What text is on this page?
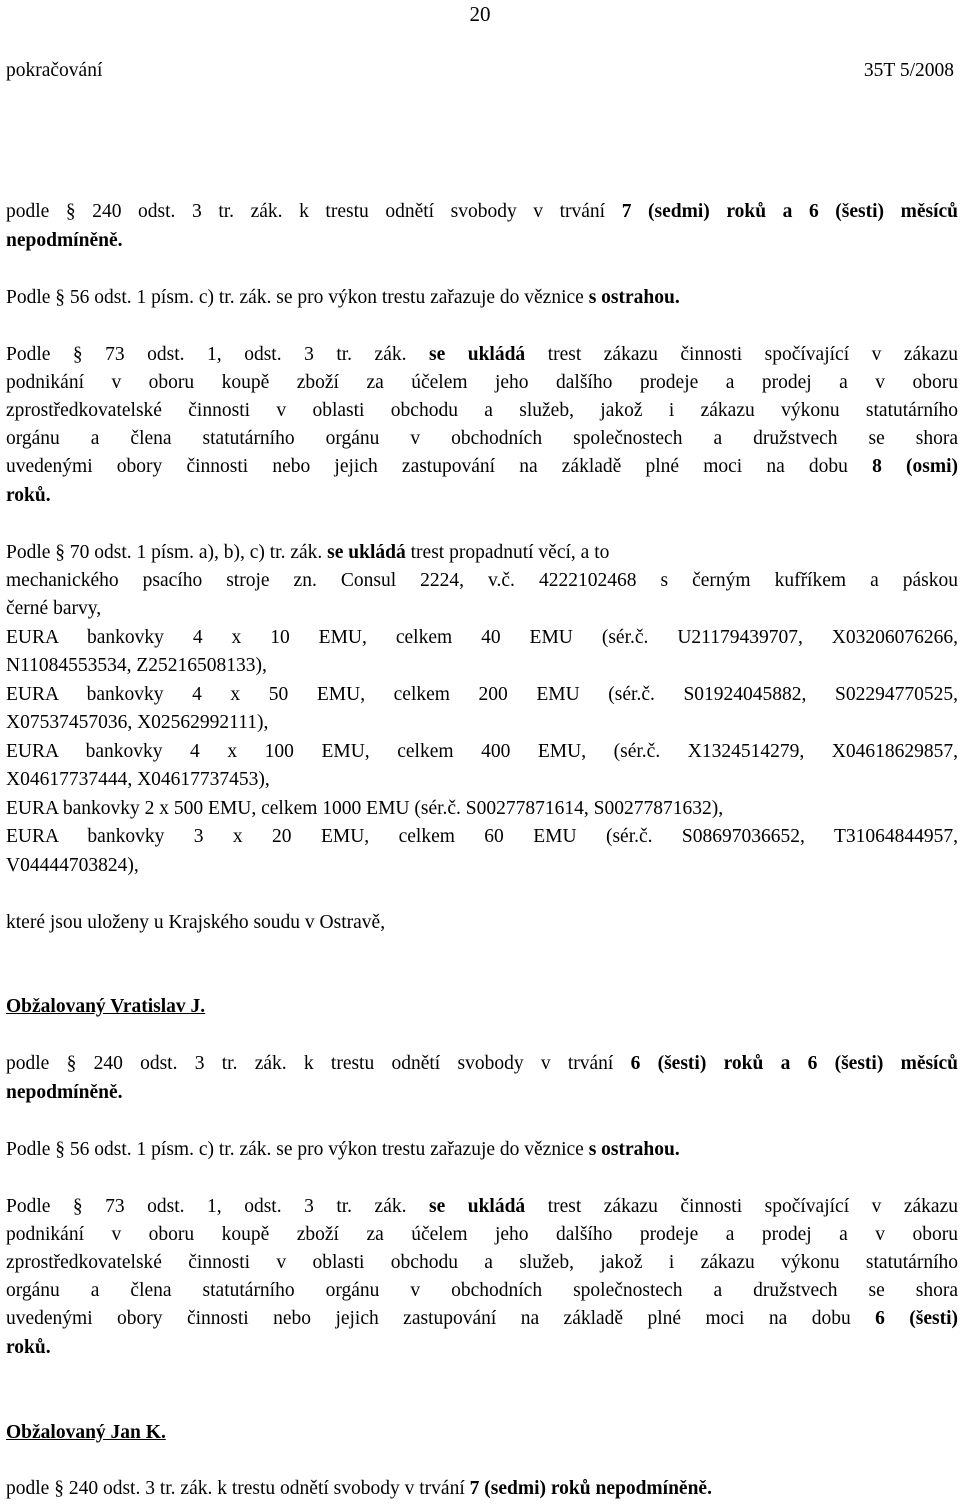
20
pokračování	35T 5/2008
podle § 240 odst. 3 tr. zák. k trestu odnětí svobody v trvání 7 (sedmi) roků a 6 (šesti) měsíců
nepodmíněně.
Podle § 56 odst. 1 písm. c) tr. zák. se pro výkon trestu zařazuje do věznice s ostrahou.
Podle § 73 odst. 1, odst. 3 tr. zák. se ukládá trest zákazu činnosti spočívající v zákazu
podnikání v oboru koupě zboží za účelem jeho dalšího prodeje a prodej a v oboru
zprostředkovatelské činnosti v oblasti obchodu a služeb, jakož i zákazu výkonu statutárního
orgánu a člena statutárního orgánu v obchodních společnostech a družstvech se shora
uvedenými obory činnosti nebo jejich zastupování na základě plné moci na dobu 8 (osmi)
roků.
Podle § 70 odst. 1 písm. a), b), c) tr. zák. se ukládá trest propadnutí věcí, a to
mechanického psacího stroje zn. Consul 2224, v.č. 4222102468 s černým kufříkem a páskou
černé barvy,
EURA bankovky 4 x 10 EMU, celkem 40 EMU (sér.č. U21179439707, X03206076266,
N11084553534, Z25216508133),
EURA bankovky 4 x 50 EMU, celkem 200 EMU (sér.č. S01924045882, S02294770525,
X07537457036, X02562992111),
EURA bankovky 4 x 100 EMU, celkem 400 EMU, (sér.č. X1324514279, X04618629857,
X04617737444, X04617737453),
EURA bankovky 2 x 500 EMU, celkem 1000 EMU (sér.č. S00277871614, S00277871632),
EURA bankovky 3 x 20 EMU, celkem 60 EMU (sér.č. S08697036652, T31064844957,
V04444703824),
které jsou uloženy u Krajského soudu v Ostravě,
Obžalovaný Vratislav J.
podle § 240 odst. 3 tr. zák. k trestu odnětí svobody v trvání 6 (šesti) roků a 6 (šesti) měsíců
nepodmíněně.
Podle § 56 odst. 1 písm. c) tr. zák. se pro výkon trestu zařazuje do věznice s ostrahou.
Podle § 73 odst. 1, odst. 3 tr. zák. se ukládá trest zákazu činnosti spočívající v zákazu
podnikání v oboru koupě zboží za účelem jeho dalšího prodeje a prodej a v oboru
zprostředkovatelské činnosti v oblasti obchodu a služeb, jakož i zákazu výkonu statutárního
orgánu a člena statutárního orgánu v obchodních společnostech a družstvech se shora
uvedenými obory činnosti nebo jejich zastupování na základě plné moci na dobu 6 (šesti)
roků.
Obžalovaný Jan K.
podle § 240 odst. 3 tr. zák. k trestu odnětí svobody v trvání 7 (sedmi) roků nepodmíněně.
